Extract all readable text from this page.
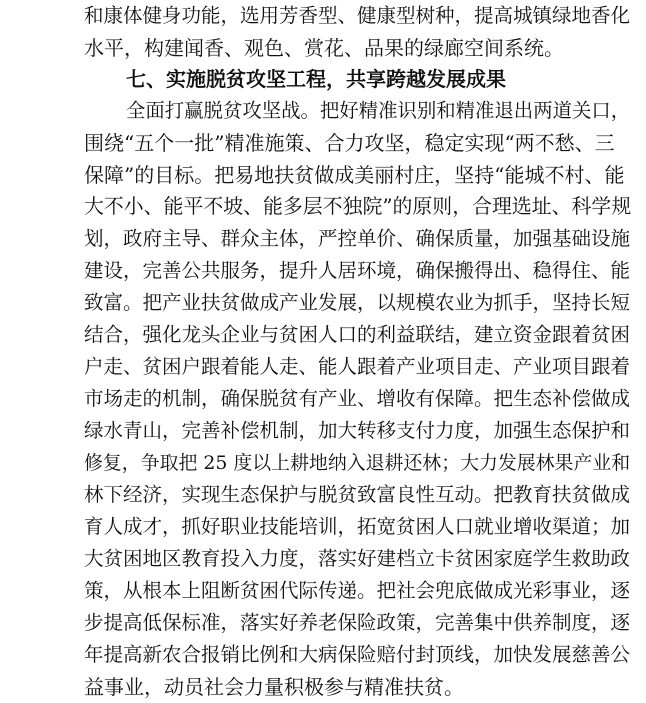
和康体健身功能，选用芳香型、健康型树种，提高城镇绿地香化
水平，构建闻香、观色、赏花、品果的绿廊空间系统。
七、实施脱贫攻坚工程，共享跨越发展成果
全面打赢脱贫攻坚战。把好精准识别和精准退出两道关口，
围绕“五个一批”精准施策、合力攻坚，稳定实现“两不愁、三
保障”的目标。把易地扶贫做成美丽村庄，坚持“能城不村、能
大不小、能平不坡、能多层不独院”的原则，合理选址、科学规
划，政府主导、群众主体，严控单价、确保质量，加强基础设施
建设，完善公共服务，提升人居环境，确保搬得出、稳得住、能
致富。把产业扶贫做成产业发展，以规模农业为抓手，坚持长短
结合，强化龙头企业与贫困人口的利益联结，建立资金跟着贫困
户走、贫困户跟着能人走、能人跟着产业项目走、产业项目跟着
市场走的机制，确保脱贫有产业、增收有保障。把生态补偿做成
绿水青山，完善补偿机制，加大转移支付力度，加强生态保护和
修复，争取把 25 度以上耕地纳入退耕还林；大力发展林果产业和
林下经济，实现生态保护与脱贫致富良性互动。把教育扶贫做成
育人成才，抓好职业技能培训，拓宽贫困人口就业增收渠道；加
大贫困地区教育投入力度，落实好建档立卡贫困家庭学生救助政
策，从根本上阻断贫困代际传递。把社会兜底做成光彩事业，逐
步提高低保标准，落实好养老保险政策，完善集中供养制度，逐
年提高新农合报销比例和大病保险赔付封顶线，加快发展慈善公
益事业，动员社会力量积极参与精准扶贫。
